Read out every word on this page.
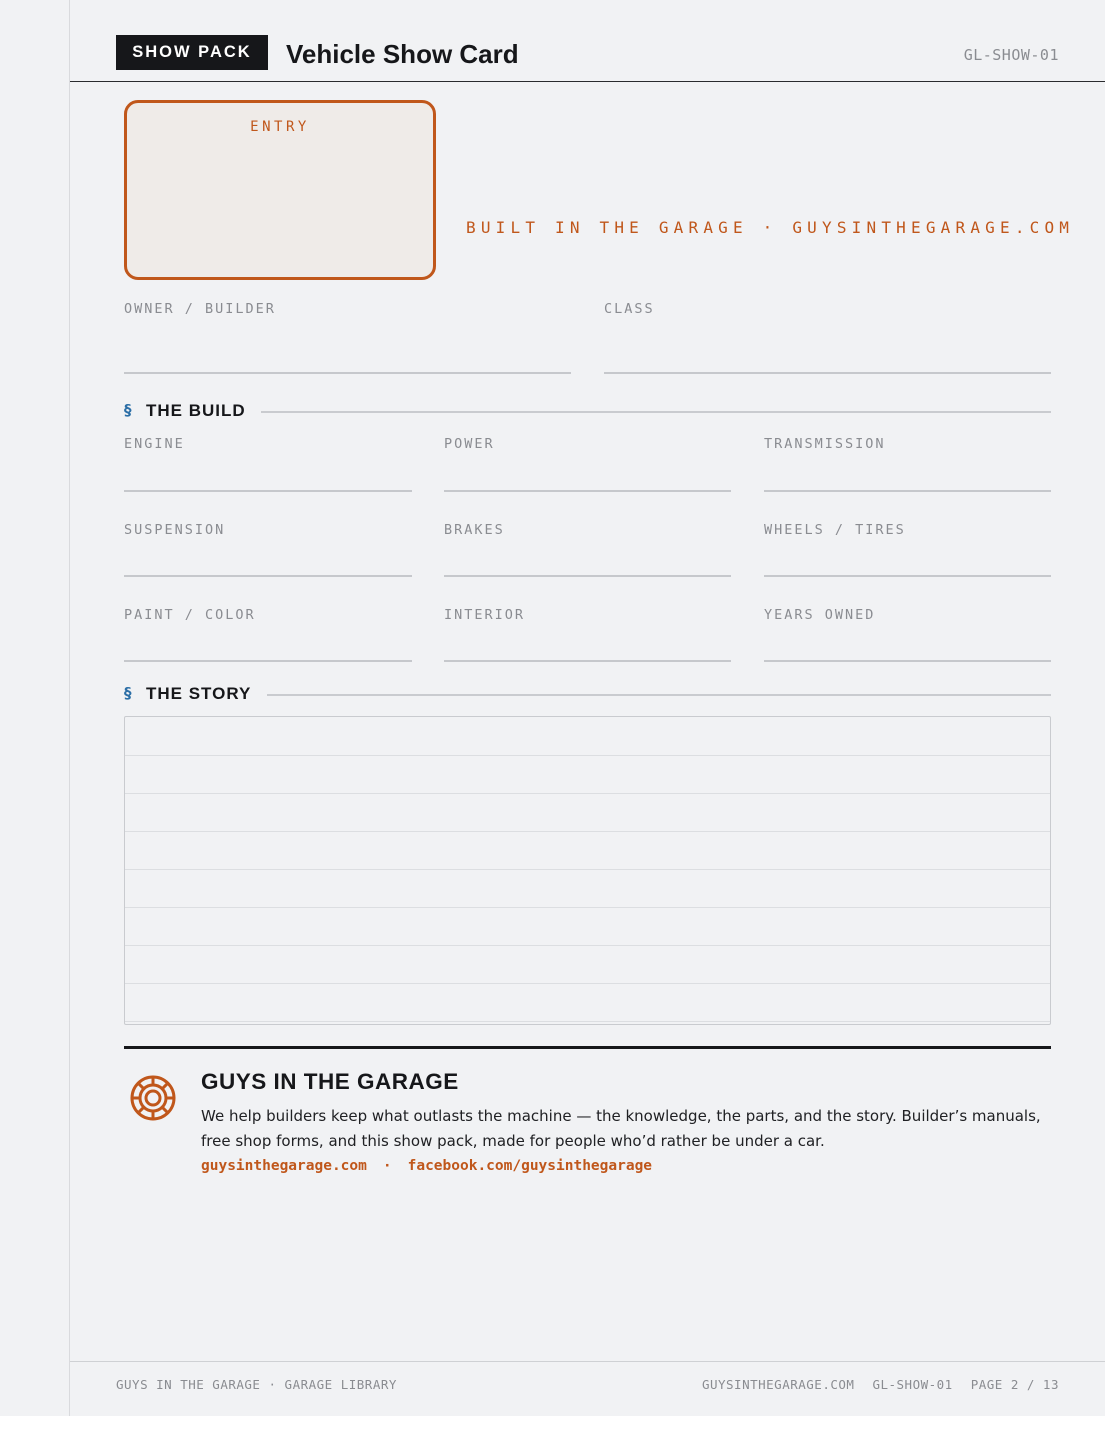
SHOW PACK	Vehicle Show Card	GL-SHOW-01
ENTRY
BUILT IN THE GARAGE · GUYSINTHEGARAGE.COM
OWNER / BUILDER	CLASS
§ THE BUILD
ENGINE	POWER	TRANSMISSION
SUSPENSION	BRAKES	WHEELS / TIRES
PAINT / COLOR	INTERIOR	YEARS OWNED
§ THE STORY
GUYS IN THE GARAGE
We help builders keep what outlasts the machine — the knowledge, the parts, and the story. Builder’s manuals, free shop forms, and this show pack, made for people who’d rather be under a car.
guysinthegarage.com · facebook.com/guysinthegarage
GUYS IN THE GARAGE · GARAGE LIBRARY	GUYSINTHEGARAGE.COM GL-SHOW-01 PAGE 2 / 13
